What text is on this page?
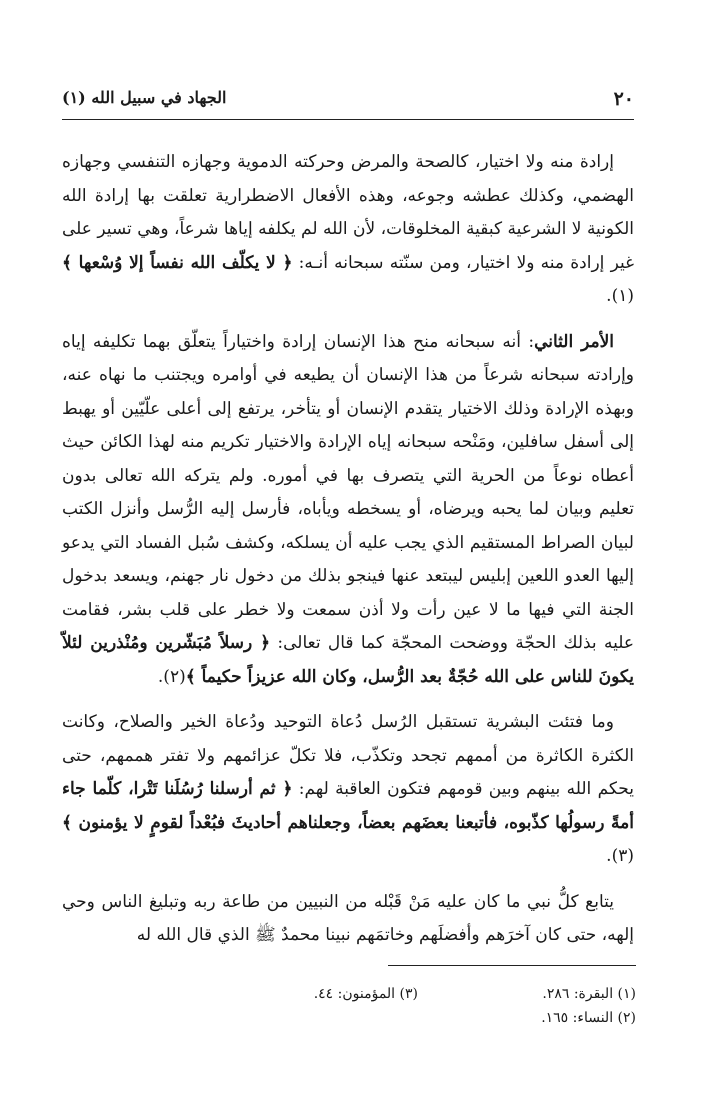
٢٠
الجهاد في سبيل الله (١)

إرادة منه ولا اختيار، كالصحة والمرض وحركته الدموية وجهازه التنفسي وجهازه الهضمي، وكذلك عطشه وجوعه، وهذه الأفعال الاضطرارية تعلقت بها إرادة الله الكونية لا الشرعية كبقية المخلوقات، لأن الله لم يكلفه إياها شرعاً، وهي تسير على غير إرادة منه ولا اختيار، ومن سنّته سبحانه أنـه: ﴿ لا يكلّف الله نفساً إلا وُسْعها ﴾(١).

الأمر الثاني: أنه سبحانه منح هذا الإنسان إرادة واختياراً يتعلّق بهما تكليفه إياه وإرادته سبحانه شرعاً من هذا الإنسان أن يطيعه في أوامره ويجتنب ما نهاه عنه، وبهذه الإرادة وذلك الاختيار يتقدم الإنسان أو يتأخر، يرتفع إلى أعلى علّيّين أو يهبط إلى أسفل سافلين، ومَنْحه سبحانه إياه الإرادة والاختيار تكريم منه لهذا الكائن حيث أعطاه نوعاً من الحرية التي يتصرف بها في أموره. ولم يتركه الله تعالى بدون تعليم وبيان لما يحبه ويرضاه، أو يسخطه ويأباه، فأرسل إليه الرُّسل وأنزل الكتب لبيان الصراط المستقيم الذي يجب عليه أن يسلكه، وكشف سُبل الفساد التي يدعو إليها العدو اللعين إبليس ليبتعد عنها فينجو بذلك من دخول نار جهنم، ويسعد بدخول الجنة التي فيها ما لا عين رأت ولا أذن سمعت ولا خطر على قلب بشر، فقامت عليه بذلك الحجّة ووضحت المحجّة كما قال تعالى: ﴿ رسلاً مُبَشّرين ومُنْذرين لئلاّ يكونَ للناس على الله حُجّةٌ بعد الرُّسل، وكان الله عزيزاً حكيماً ﴾(٢).

وما فتئت البشرية تستقبل الرُسل دُعاة التوحيد ودُعاة الخير والصلاح، وكانت الكثرة الكاثرة من أممهم تجحد وتكذّب، فلا تكلّ عزائمهم ولا تفتر هممهم، حتى يحكم الله بينهم وبين قومهم فتكون العاقبة لهم: ﴿ ثم أرسلنا رُسُلَنا تَتْرا، كلّما جاء أمةً رسولُها كذّبوه، فأتبعنا بعضَهم بعضاً، وجعلناهم أحاديثَ فبُعْداً لقومٍ لا يؤمنون ﴾(٣).

يتابع كلُّ نبي ما كان عليه مَنْ قَبْله من النبيين من طاعة ربه وتبليغ الناس وحي إلهه، حتى كان آخرَهم وأفضلَهم وخاتمَهم نبينا محمدٌ ﷺ الذي قال الله له

(١) البقرة: ٢٨٦.
(٣) المؤمنون: ٤٤.
(٢) النساء: ١٦٥.
